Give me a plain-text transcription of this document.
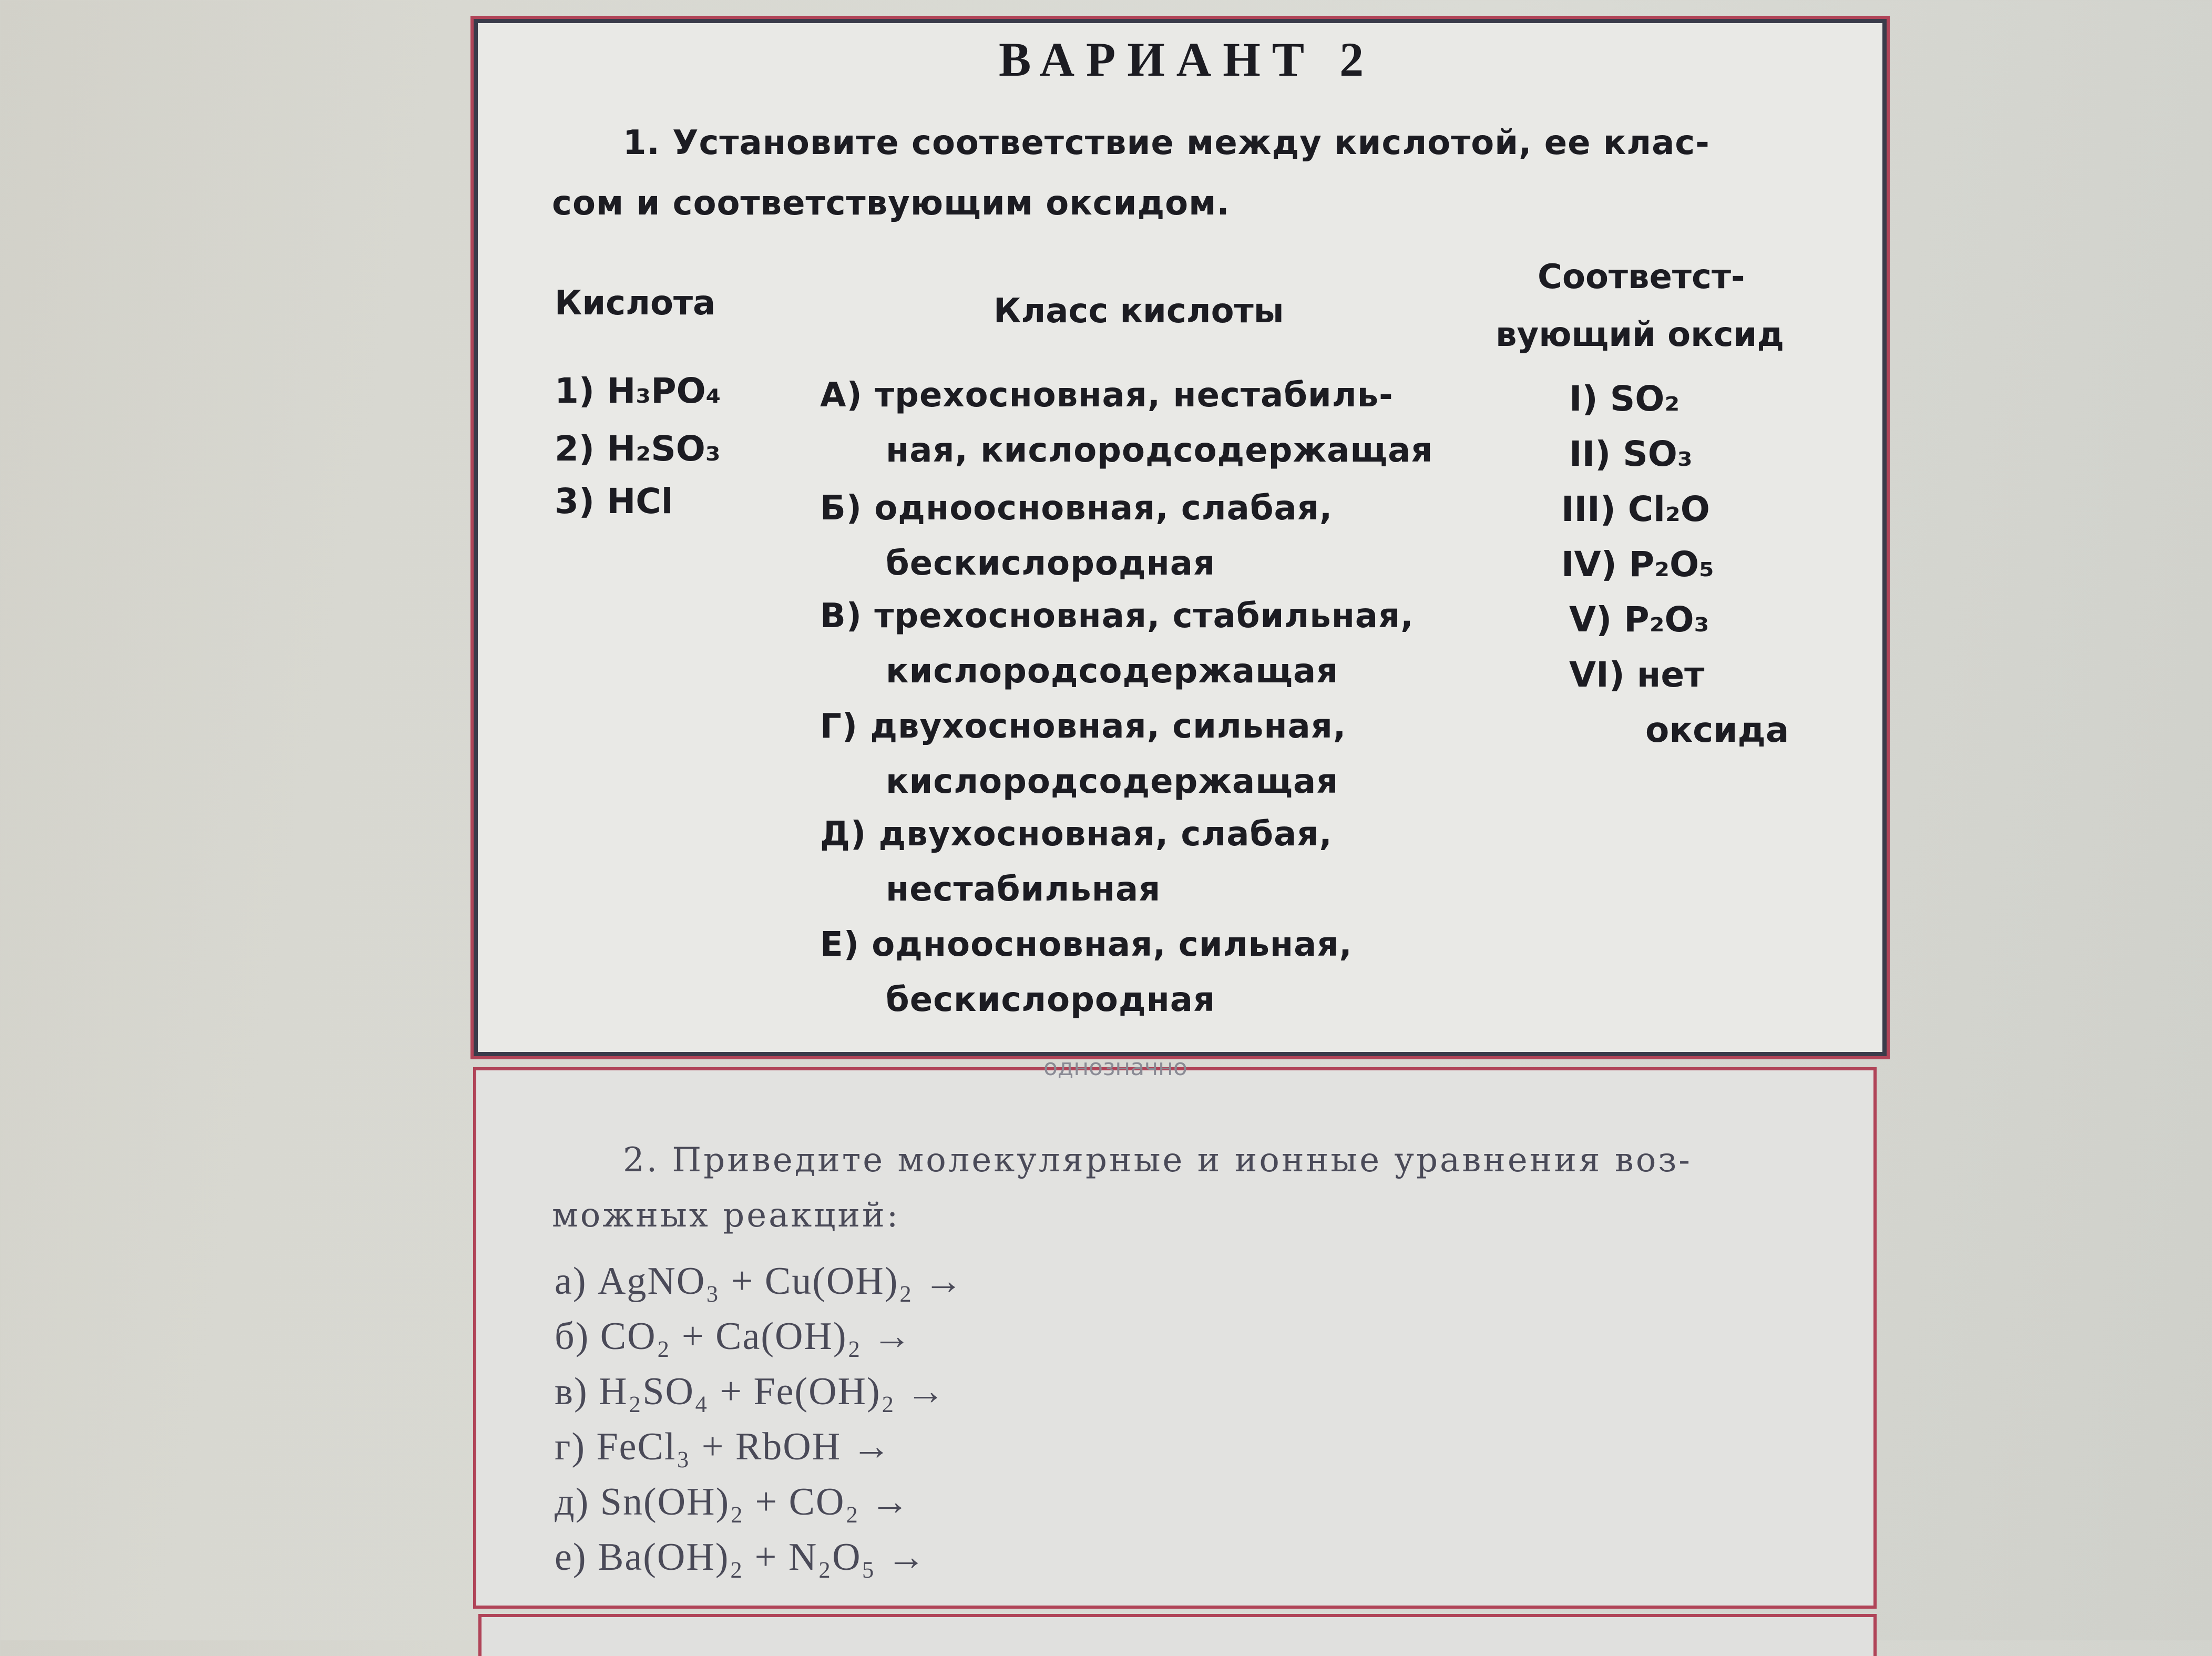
ВАРИАНТ 2
1. Установите соответствие между кислотой, ее клас-
сом и соответствующим оксидом.
Кислота	Класс кислоты
Соответст-
вующий оксид
1) H₃PO₄
2) H₂SO₃
3) HCl
А) трехосновная, нестабиль-
ная, кислородсодержащая
Б) одноосновная, слабая,
бескислородная
В) трехосновная, стабильная,
кислородсодержащая
Г) двухосновная, сильная,
кислородсодержащая
Д) двухосновная, слабая,
нестабильная
Е) одноосновная, сильная,
бескислородная
I) SO₂
II) SO₃
III) Cl₂O
IV) P₂O₅
V) P₂O₃
VI) нет
оксида
однозначно
2. Приведите молекулярные и ионные уравнения воз-
можных реакций:
а) AgNO₃ + Cu(OH)₂ →
б) CO₂ + Ca(OH)₂ →
в) H₂SO₄ + Fe(OH)₂ →
г) FeCl₃ + RbOH →
д) Sn(OH)₂ + CO₂ →
е) Ba(OH)₂ + N₂O₅ →
